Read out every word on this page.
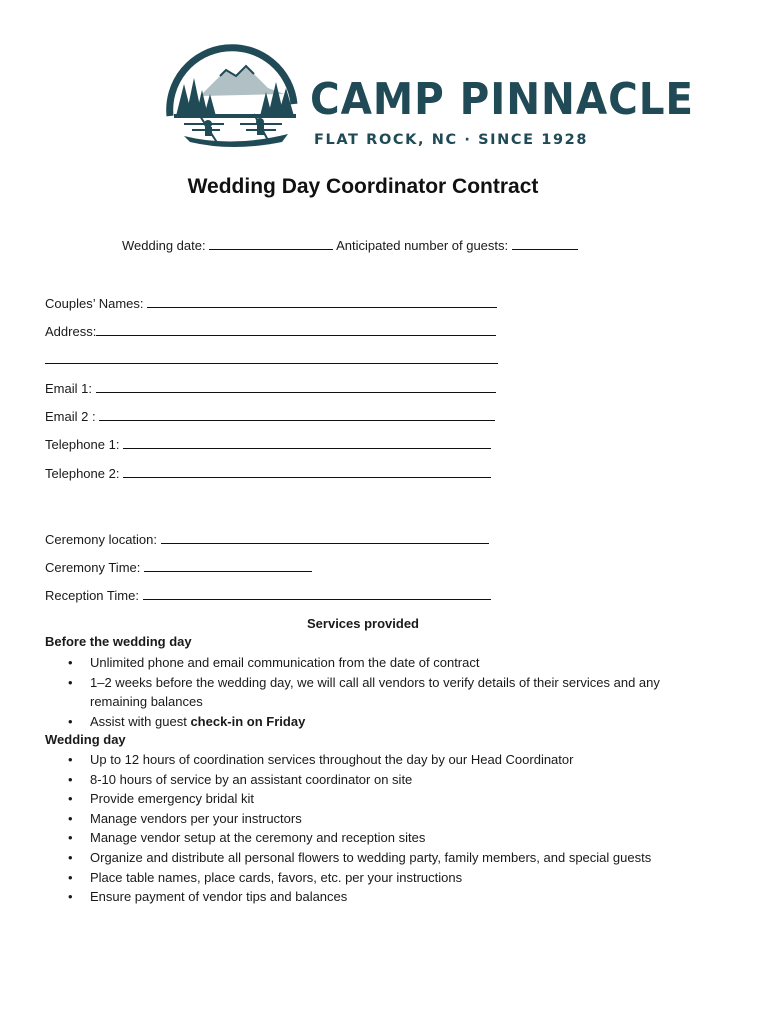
CAMP PINNACLE
FLAT ROCK, NC · SINCE 1928
Wedding Day Coordinator Contract
Wedding date:	Anticipated number of guests:
Couples’ Names:
Address:
Email 1:
Email 2 :
Telephone 1:
Telephone 2:
Ceremony location:
Ceremony Time:
Reception Time:
Services provided
Before the wedding day
• Unlimited phone and email communication from the date of contract
• 1–2 weeks before the wedding day, we will call all vendors to verify details of their services and any remaining balances
• Assist with guest check-in on Friday
Wedding day
• Up to 12 hours of coordination services throughout the day by our Head Coordinator
• 8-10 hours of service by an assistant coordinator on site
• Provide emergency bridal kit
• Manage vendors per your instructors
• Manage vendor setup at the ceremony and reception sites
• Organize and distribute all personal flowers to wedding party, family members, and special guests
• Place table names, place cards, favors, etc. per your instructions
• Ensure payment of vendor tips and balances
